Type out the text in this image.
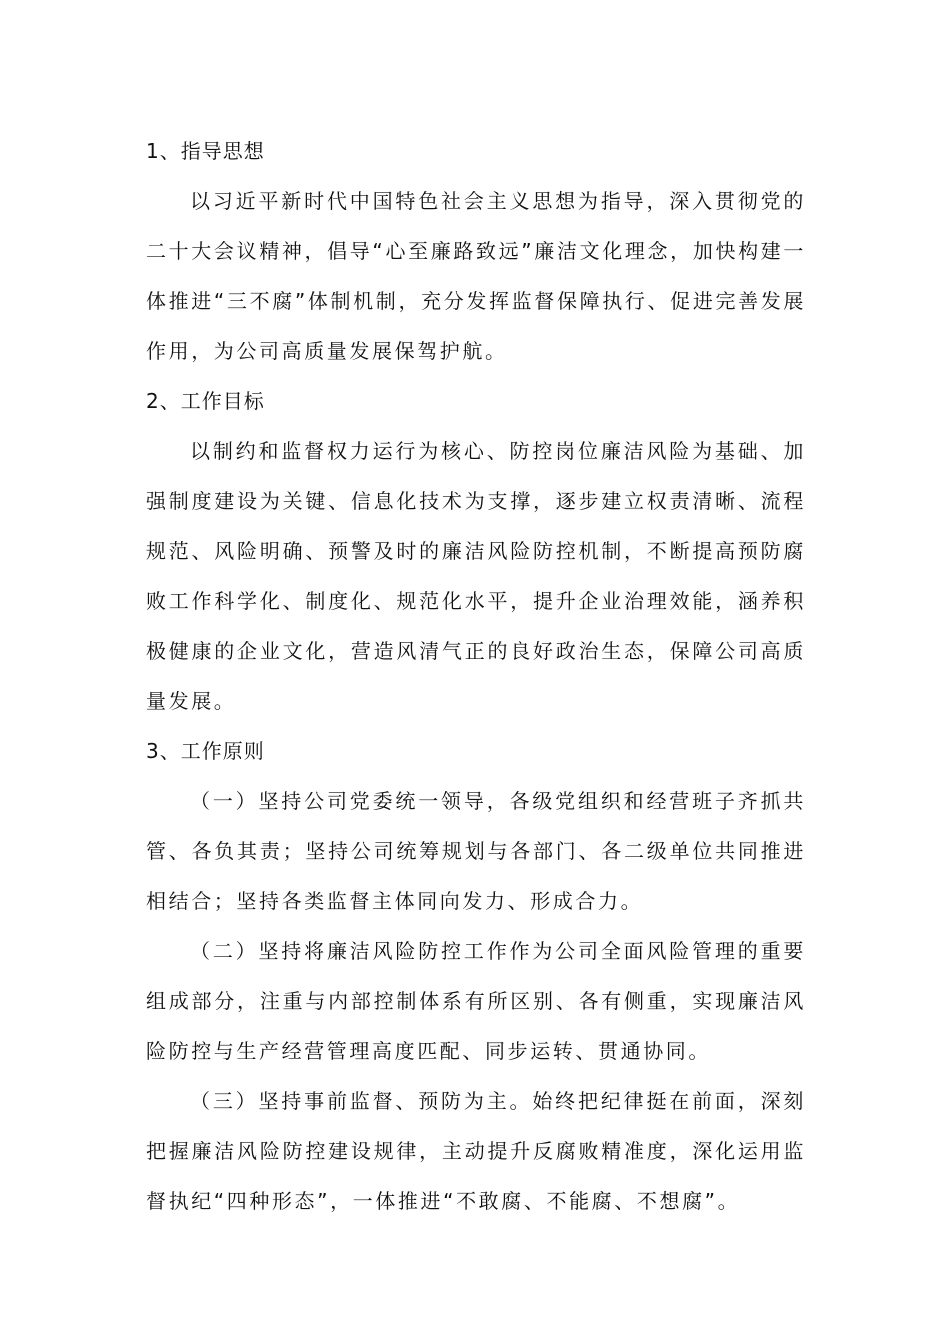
1、指导思想

以习近平新时代中国特色社会主义思想为指导，深入贯彻党的二十大会议精神，倡导“心至廉路致远”廉洁文化理念，加快构建一体推进“三不腐”体制机制，充分发挥监督保障执行、促进完善发展作用，为公司高质量发展保驾护航。

2、工作目标

以制约和监督权力运行为核心、防控岗位廉洁风险为基础、加强制度建设为关键、信息化技术为支撑，逐步建立权责清晰、流程规范、风险明确、预警及时的廉洁风险防控机制，不断提高预防腐败工作科学化、制度化、规范化水平，提升企业治理效能，涵养积极健康的企业文化，营造风清气正的良好政治生态，保障公司高质量发展。

3、工作原则

（一）坚持公司党委统一领导，各级党组织和经营班子齐抓共管、各负其责；坚持公司统筹规划与各部门、各二级单位共同推进相结合；坚持各类监督主体同向发力、形成合力。

（二）坚持将廉洁风险防控工作作为公司全面风险管理的重要组成部分，注重与内部控制体系有所区别、各有侧重，实现廉洁风险防控与生产经营管理高度匹配、同步运转、贯通协同。

（三）坚持事前监督、预防为主。始终把纪律挺在前面，深刻把握廉洁风险防控建设规律，主动提升反腐败精准度，深化运用监督执纪“四种形态”，一体推进“不敢腐、不能腐、不想腐”。
